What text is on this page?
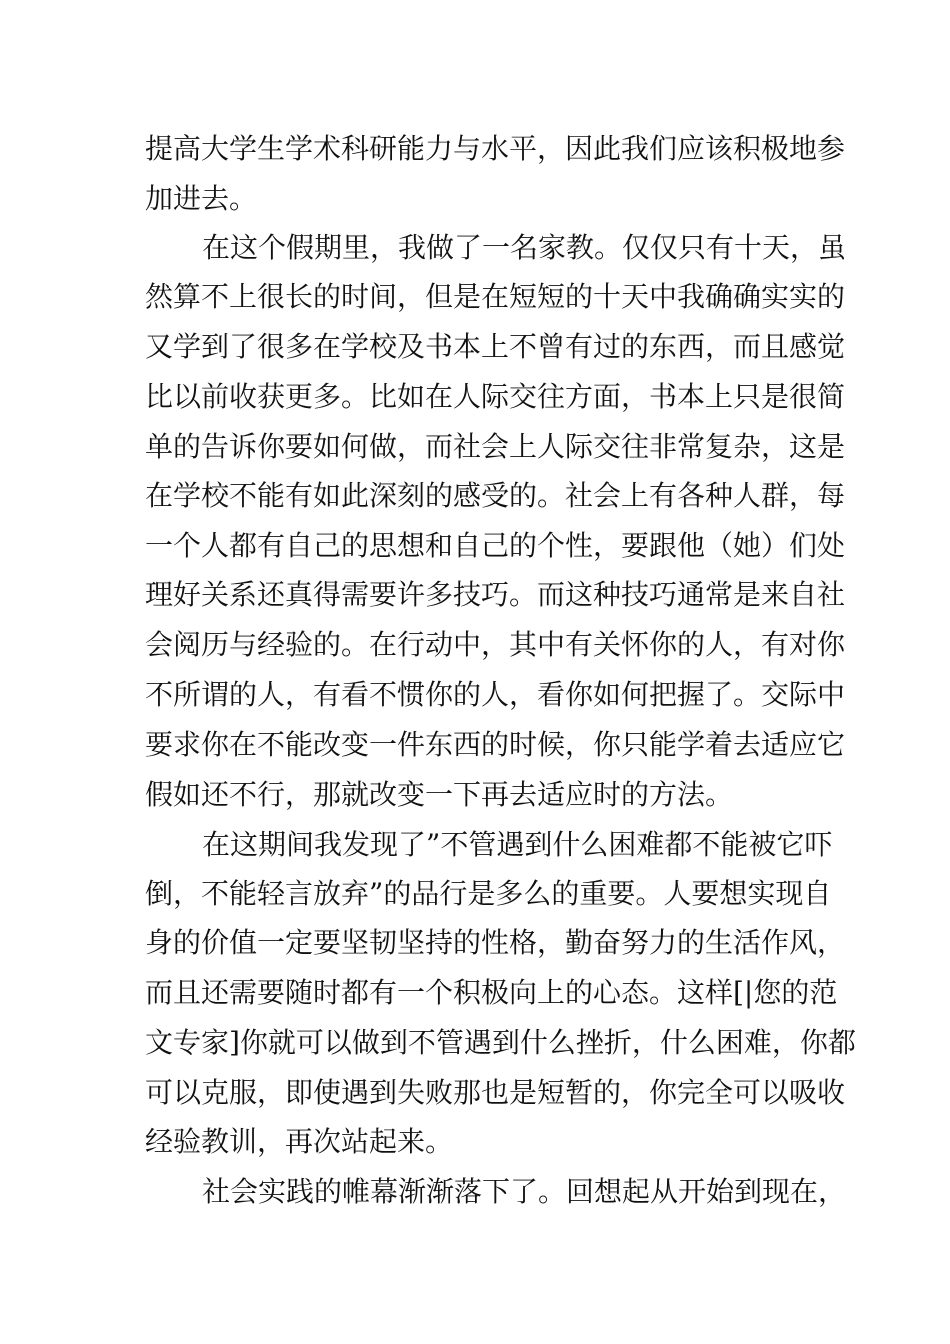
提高大学生学术科研能力与水平，因此我们应该积极地参
加进去。
在这个假期里，我做了一名家教。仅仅只有十天，虽
然算不上很长的时间，但是在短短的十天中我确确实实的
又学到了很多在学校及书本上不曾有过的东西，而且感觉
比以前收获更多。比如在人际交往方面，书本上只是很简
单的告诉你要如何做，而社会上人际交往非常复杂，这是
在学校不能有如此深刻的感受的。社会上有各种人群，每
一个人都有自己的思想和自己的个性，要跟他（她）们处
理好关系还真得需要许多技巧。而这种技巧通常是来自社
会阅历与经验的。在行动中，其中有关怀你的人，有对你
不所谓的人，有看不惯你的人，看你如何把握了。交际中
要求你在不能改变一件东西的时候，你只能学着去适应它
假如还不行，那就改变一下再去适应时的方法。
在这期间我发现了”不管遇到什么困难都不能被它吓
倒，不能轻言放弃”的品行是多么的重要。人要想实现自
身的价值一定要坚韧坚持的性格，勤奋努力的生活作风，
而且还需要随时都有一个积极向上的心态。这样[|您的范
文专家]你就可以做到不管遇到什么挫折，什么困难，你都
可以克服，即使遇到失败那也是短暂的，你完全可以吸收
经验教训，再次站起来。
社会实践的帷幕渐渐落下了。回想起从开始到现在，
